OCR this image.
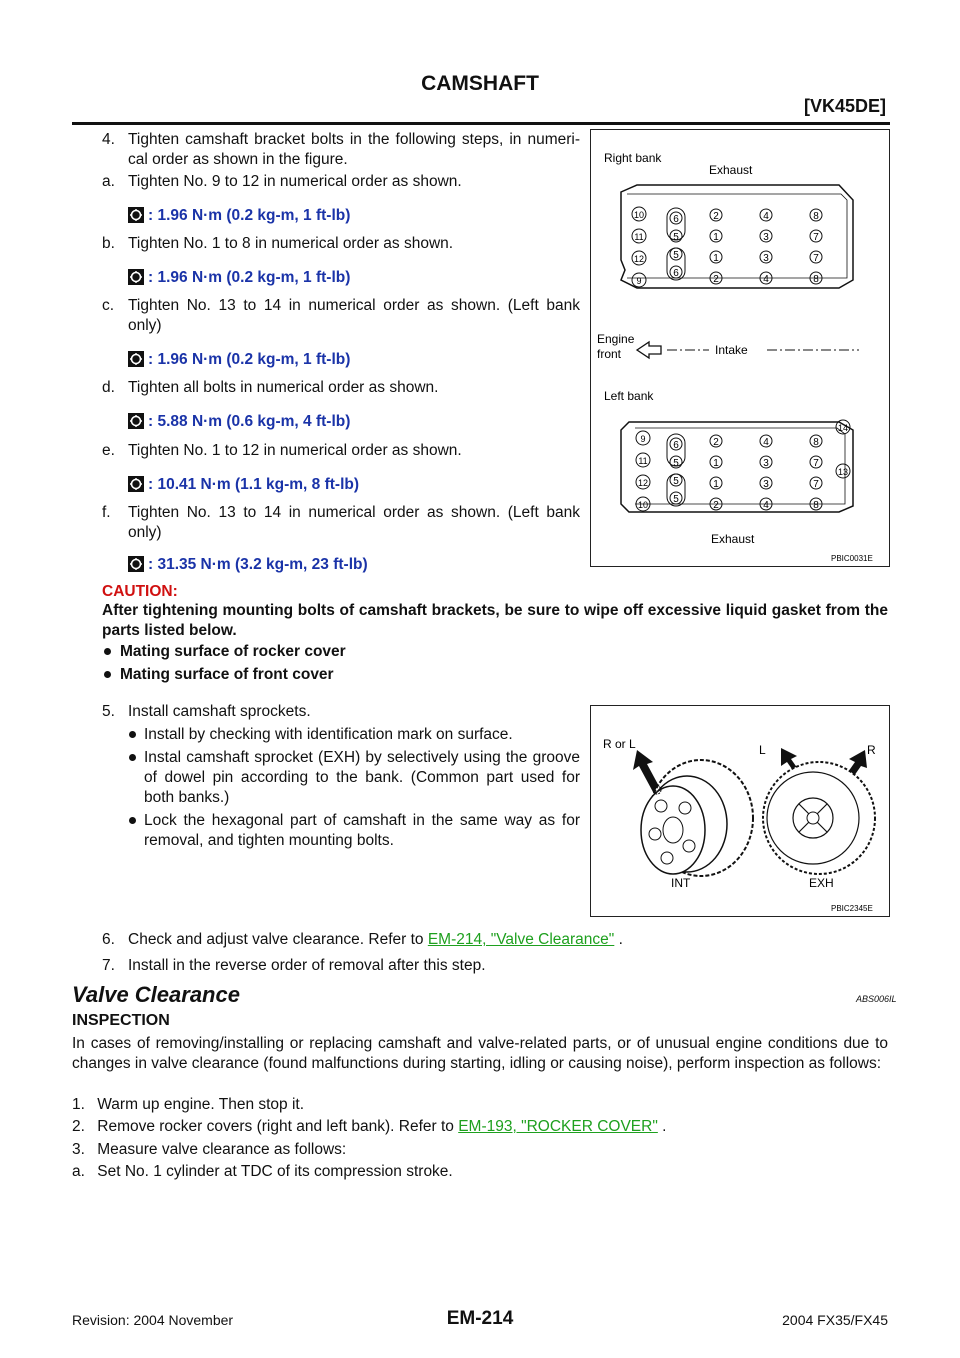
CAMSHAFT
[VK45DE]
4. Tighten camshaft bracket bolts in the following steps, in numeri- cal order as shown in the figure.
a. Tighten No. 9 to 12 in numerical order as shown.
: 1.96 N·m (0.2 kg-m, 1 ft-lb)
b. Tighten No. 1 to 8 in numerical order as shown.
: 1.96 N·m (0.2 kg-m, 1 ft-lb)
c. Tighten No. 13 to 14 in numerical order as shown. (Left bank only)
: 1.96 N·m (0.2 kg-m, 1 ft-lb)
d. Tighten all bolts in numerical order as shown.
: 5.88 N·m (0.6 kg-m, 4 ft-lb)
e. Tighten No. 1 to 12 in numerical order as shown.
: 10.41 N·m (1.1 kg-m, 8 ft-lb)
f. Tighten No. 13 to 14 in numerical order as shown. (Left bank only)
: 31.35 N·m (3.2 kg-m, 23 ft-lb)
Right bank
Exhaust
10
11
12
9
6
5
5
6
2
1
1
2
4
3
3
4
8
7
7
8
Engine
front	Intake
Left bank
9
11
12
10
14
13
6
5
5
5
2
1
1
2
4
3
3
4
8
7
7
8
Exhaust
PBIC0031E
CAUTION:
After tightening mounting bolts of camshaft brackets, be sure to wipe off excessive liquid gasket from the parts listed below.
Mating surface of rocker cover
Mating surface of front cover
5. Install camshaft sprockets.
Install by checking with identification mark on surface.
Instal camshaft sprocket (EXH) by selectively using the groove of dowel pin according to the bank. (Common part used for both banks.)
Lock the hexagonal part of camshaft in the same way as for removal, and tighten mounting bolts.
R or L	L	R
INT	EXH
PBIC2345E
6. Check and adjust valve clearance. Refer to EM-214, "Valve Clearance" .
7. Install in the reverse order of removal after this step.
Valve Clearance	ABS006IL
INSPECTION
In cases of removing/installing or replacing camshaft and valve-related parts, or of unusual engine conditions due to changes in valve clearance (found malfunctions during starting, idling or causing noise), perform inspection as follows:
1. Warm up engine. Then stop it.
2. Remove rocker covers (right and left bank). Refer to EM-193, "ROCKER COVER" .
3. Measure valve clearance as follows:
a. Set No. 1 cylinder at TDC of its compression stroke.
Revision: 2004 November	EM-214	2004 FX35/FX45
